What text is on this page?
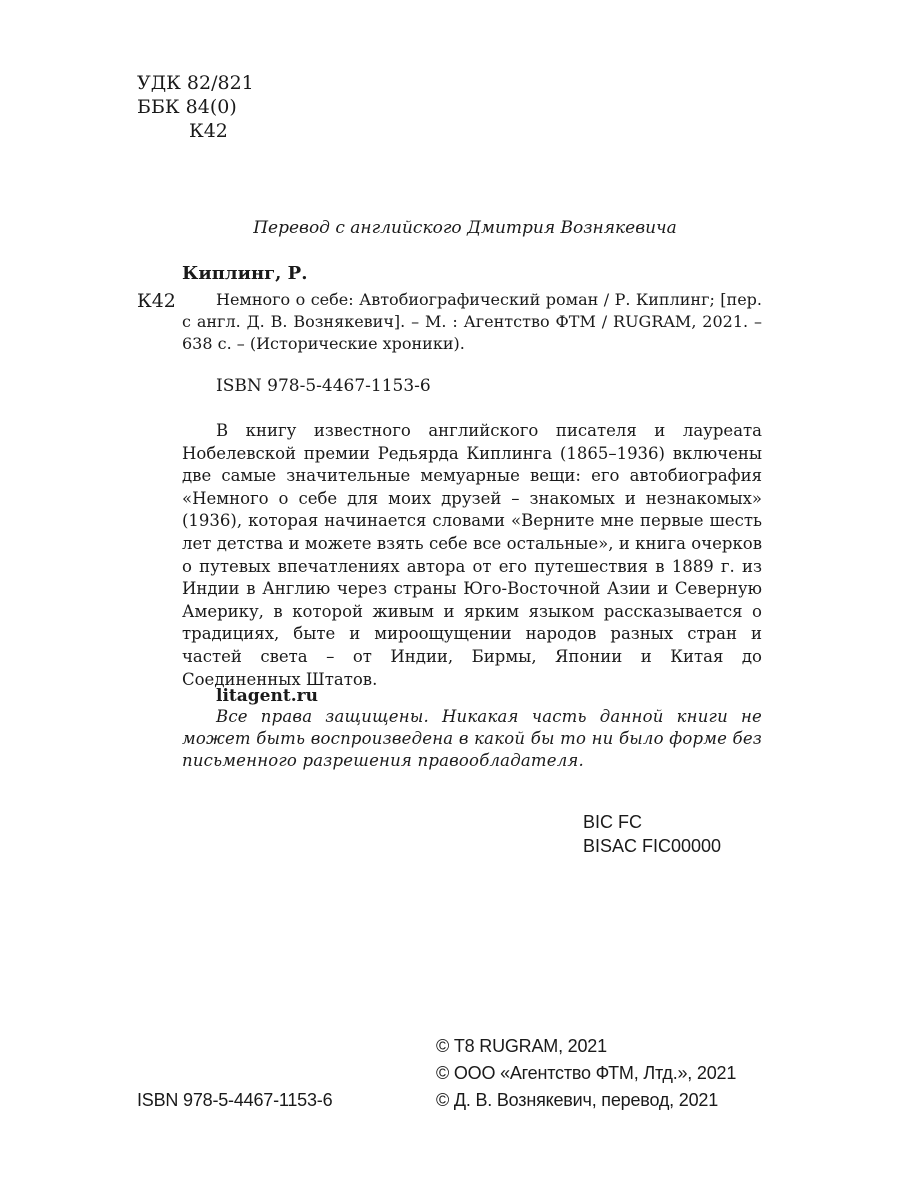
УДК 82/821
ББК 84(0)
К42
Перевод с английского Дмитрия Вознякевича
Киплинг, Р.
К42	Немного о себе: Автобиографический роман / Р. Киплинг; [пер. с англ. Д. В. Вознякевич]. – М. : Агентство ФТМ / RUGRAM, 2021. – 638 с. – (Исторические хроники).
ISBN 978-5-4467-1153-6
В книгу известного английского писателя и лауреата Нобелевской премии Редьярда Киплинга (1865–1936) включены две самые значительные мемуарные вещи: его автобиография «Немного о себе для моих друзей – знакомых и незнакомых» (1936), которая начинается словами «Верните мне первые шесть лет детства и можете взять себе все остальные», и книга очерков о путевых впечатлениях автора от его путешествия в 1889 г. из Индии в Англию через страны Юго-Восточной Азии и Северную Америку, в которой живым и ярким языком рассказывается о традициях, быте и мироощущении народов разных стран и частей света – от Индии, Бирмы, Японии и Китая до Соединенных Штатов.
litagent.ru
Все права защищены. Никакая часть данной книги не может быть воспроизведена в какой бы то ни было форме без письменного разрешения правообладателя.
BIC FC
BISAC FIC00000
ISBN 978-5-4467-1153-6
© Т8 RUGRAM, 2021
© ООО «Агентство ФТМ, Лтд.», 2021
© Д. В. Вознякевич, перевод, 2021
